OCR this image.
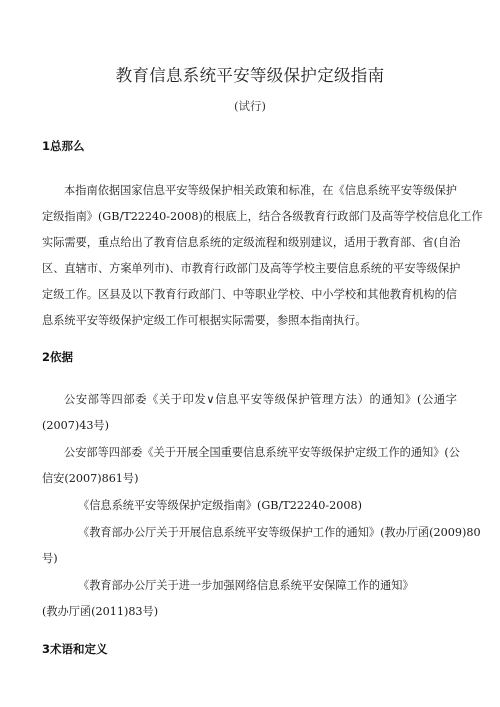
教育信息系统平安等级保护定级指南
(试行)
1总那么
本指南依据国家信息平安等级保护相关政策和标准，在《信息系统平安等级保护
定级指南》(GB/T22240-2008)的根底上，结合各级教育行政部门及高等学校信息化工作
实际需要，重点给出了教育信息系统的定级流程和级别建议，适用于教育部、省(自治
区、直辖市、方案单列市)、市教育行政部门及高等学校主要信息系统的平安等级保护
定级工作。区县及以下教育行政部门、中等职业学校、中小学校和其他教育机构的信
息系统平安等级保护定级工作可根据实际需要，参照本指南执行。
2依据
公安部等四部委《关于印发∨信息平安等级保护管理方法）的通知》(公通字
(2007)43号)
公安部等四部委《关于开展全国重要信息系统平安等级保护定级工作的通知》(公
信安(2007)861号)
《信息系统平安等级保护定级指南》(GB/T22240-2008)
《教育部办公厅关于开展信息系统平安等级保护工作的通知》(教办厅函(2009)80
号)
《教育部办公厅关于进一步加强网络信息系统平安保障工作的通知》
(教办厅函(2011)83号)
3术语和定义
